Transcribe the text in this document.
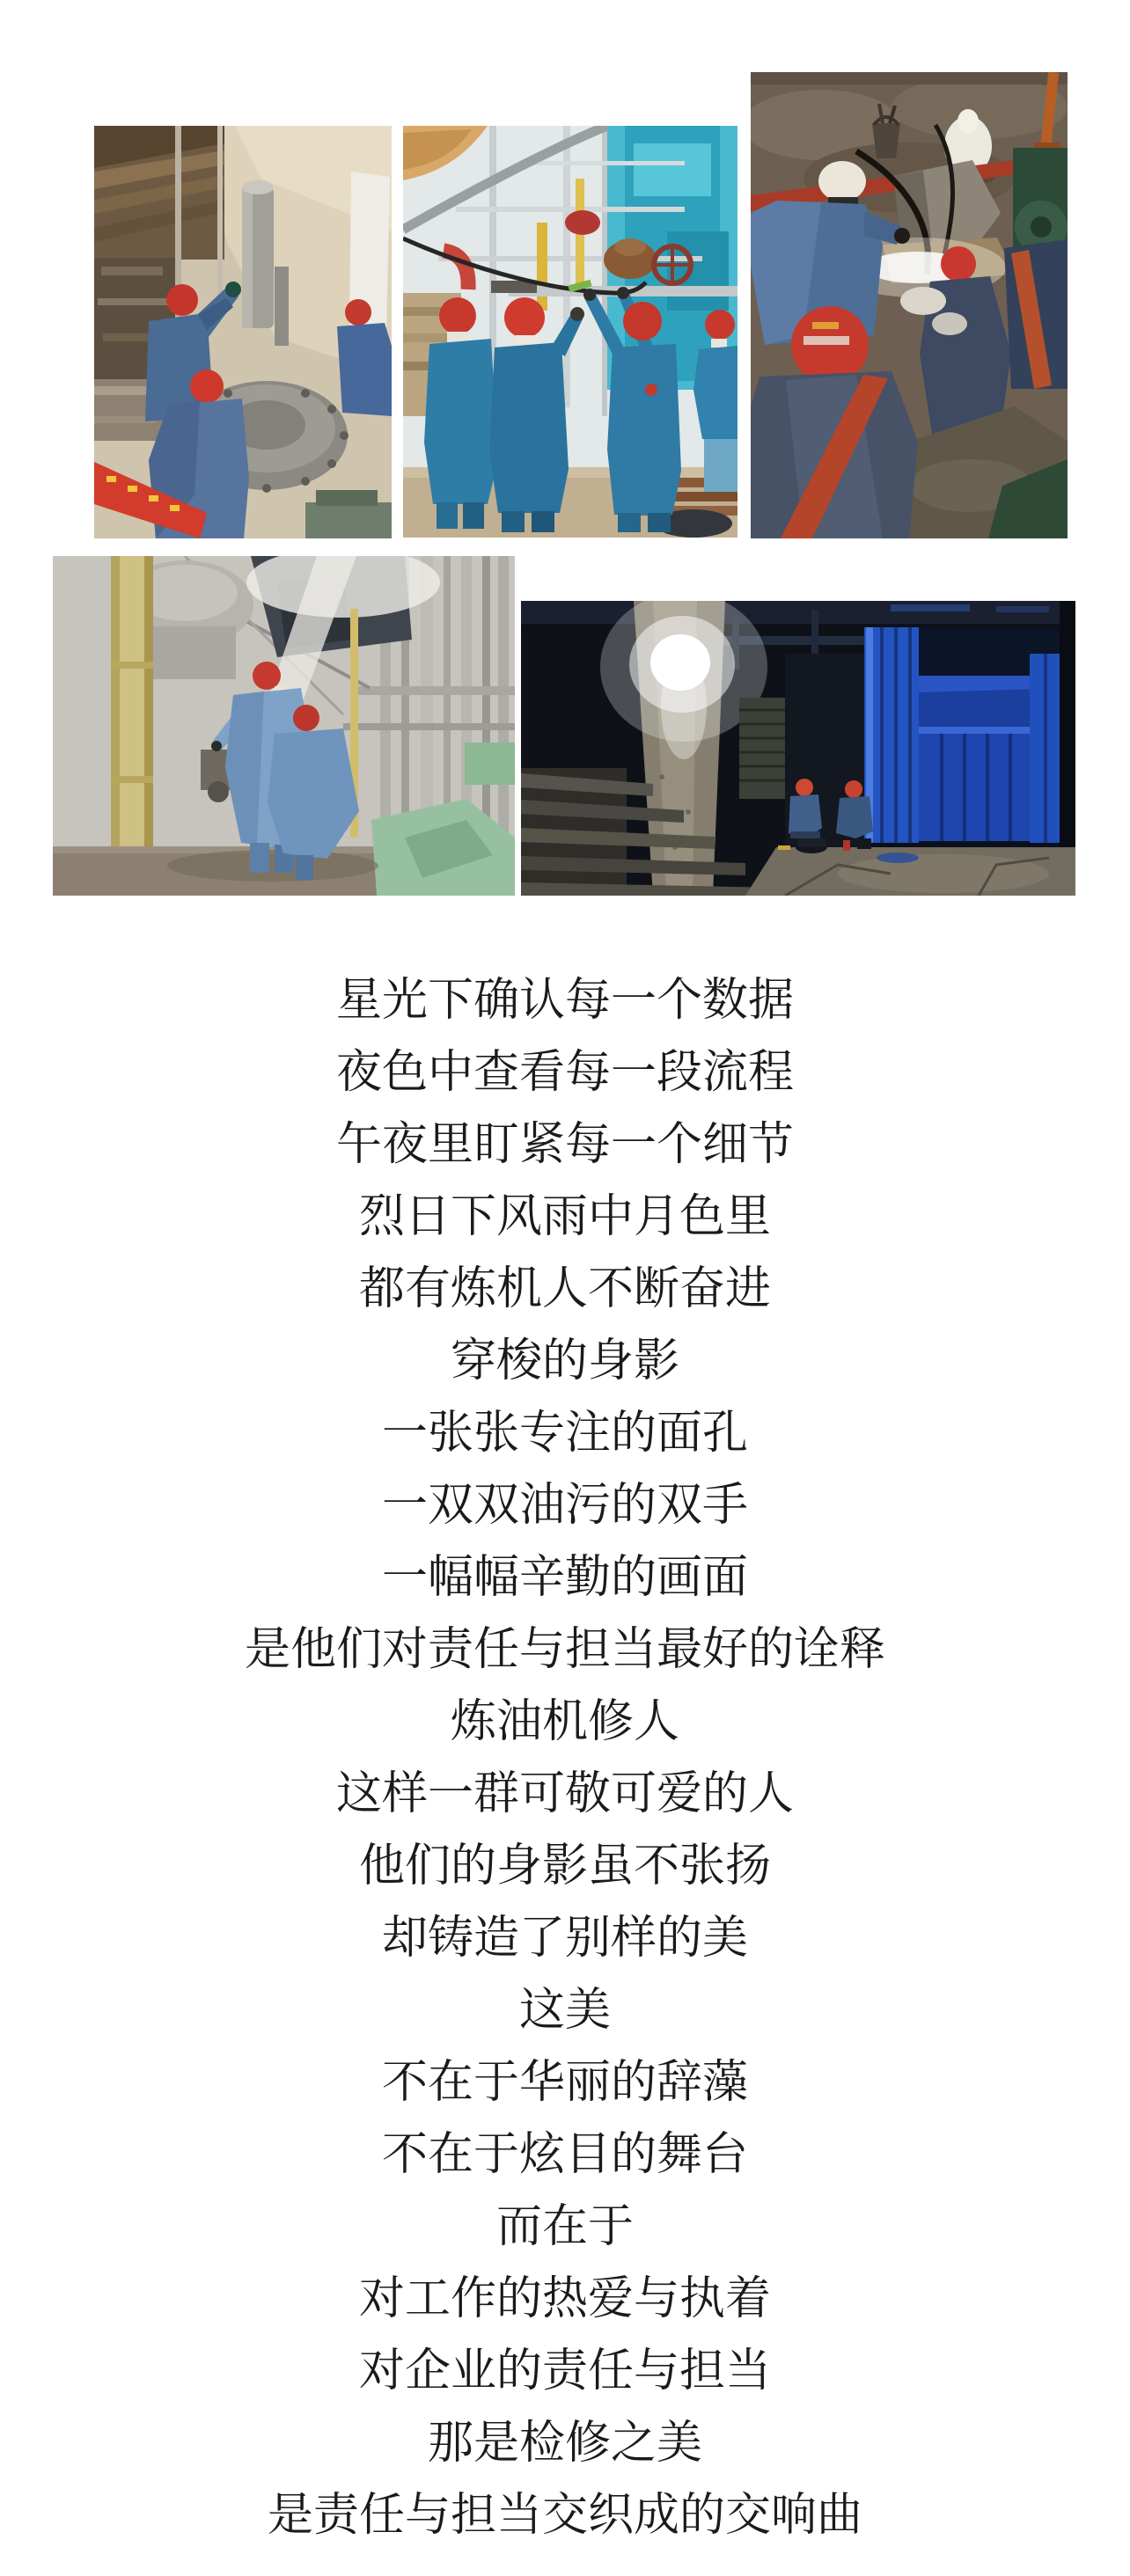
星光下确认每一个数据

夜色中查看每一段流程

午夜里盯紧每一个细节

烈日下风雨中月色里

都有炼机人不断奋进

穿梭的身影

一张张专注的面孔

一双双油污的双手

一幅幅辛勤的画面

是他们对责任与担当最好的诠释

炼油机修人

这样一群可敬可爱的人

他们的身影虽不张扬

却铸造了别样的美

这美

不在于华丽的辞藻

不在于炫目的舞台

而在于

对工作的热爱与执着

对企业的责任与担当

那是检修之美

是责任与担当交织成的交响曲
